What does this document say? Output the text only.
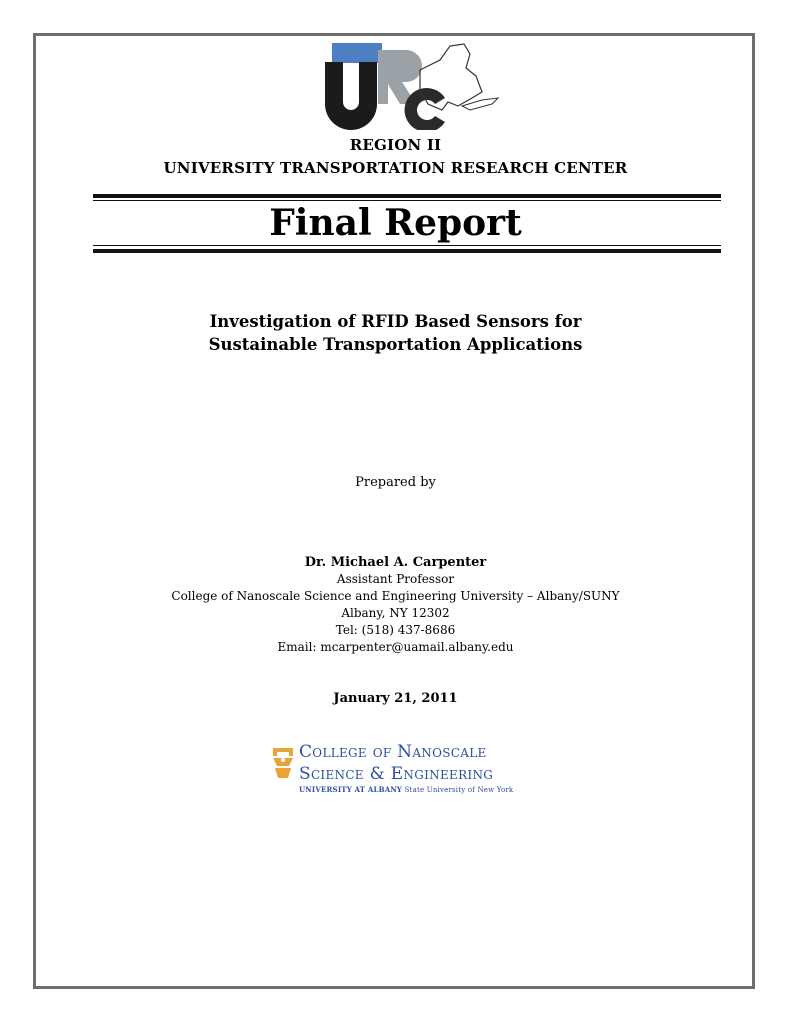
REGION II
UNIVERSITY TRANSPORTATION RESEARCH CENTER
Final Report
Investigation of RFID Based Sensors for
Sustainable Transportation Applications
Prepared by
Dr. Michael A. Carpenter
Assistant Professor
College of Nanoscale Science and Engineering University – Albany/SUNY
Albany, NY 12302
Tel: (518) 437-8686
Email: mcarpenter@uamail.albany.edu
January 21, 2011
College of Nanoscale
Science & Engineering
UNIVERSITY AT ALBANY State University of New York
